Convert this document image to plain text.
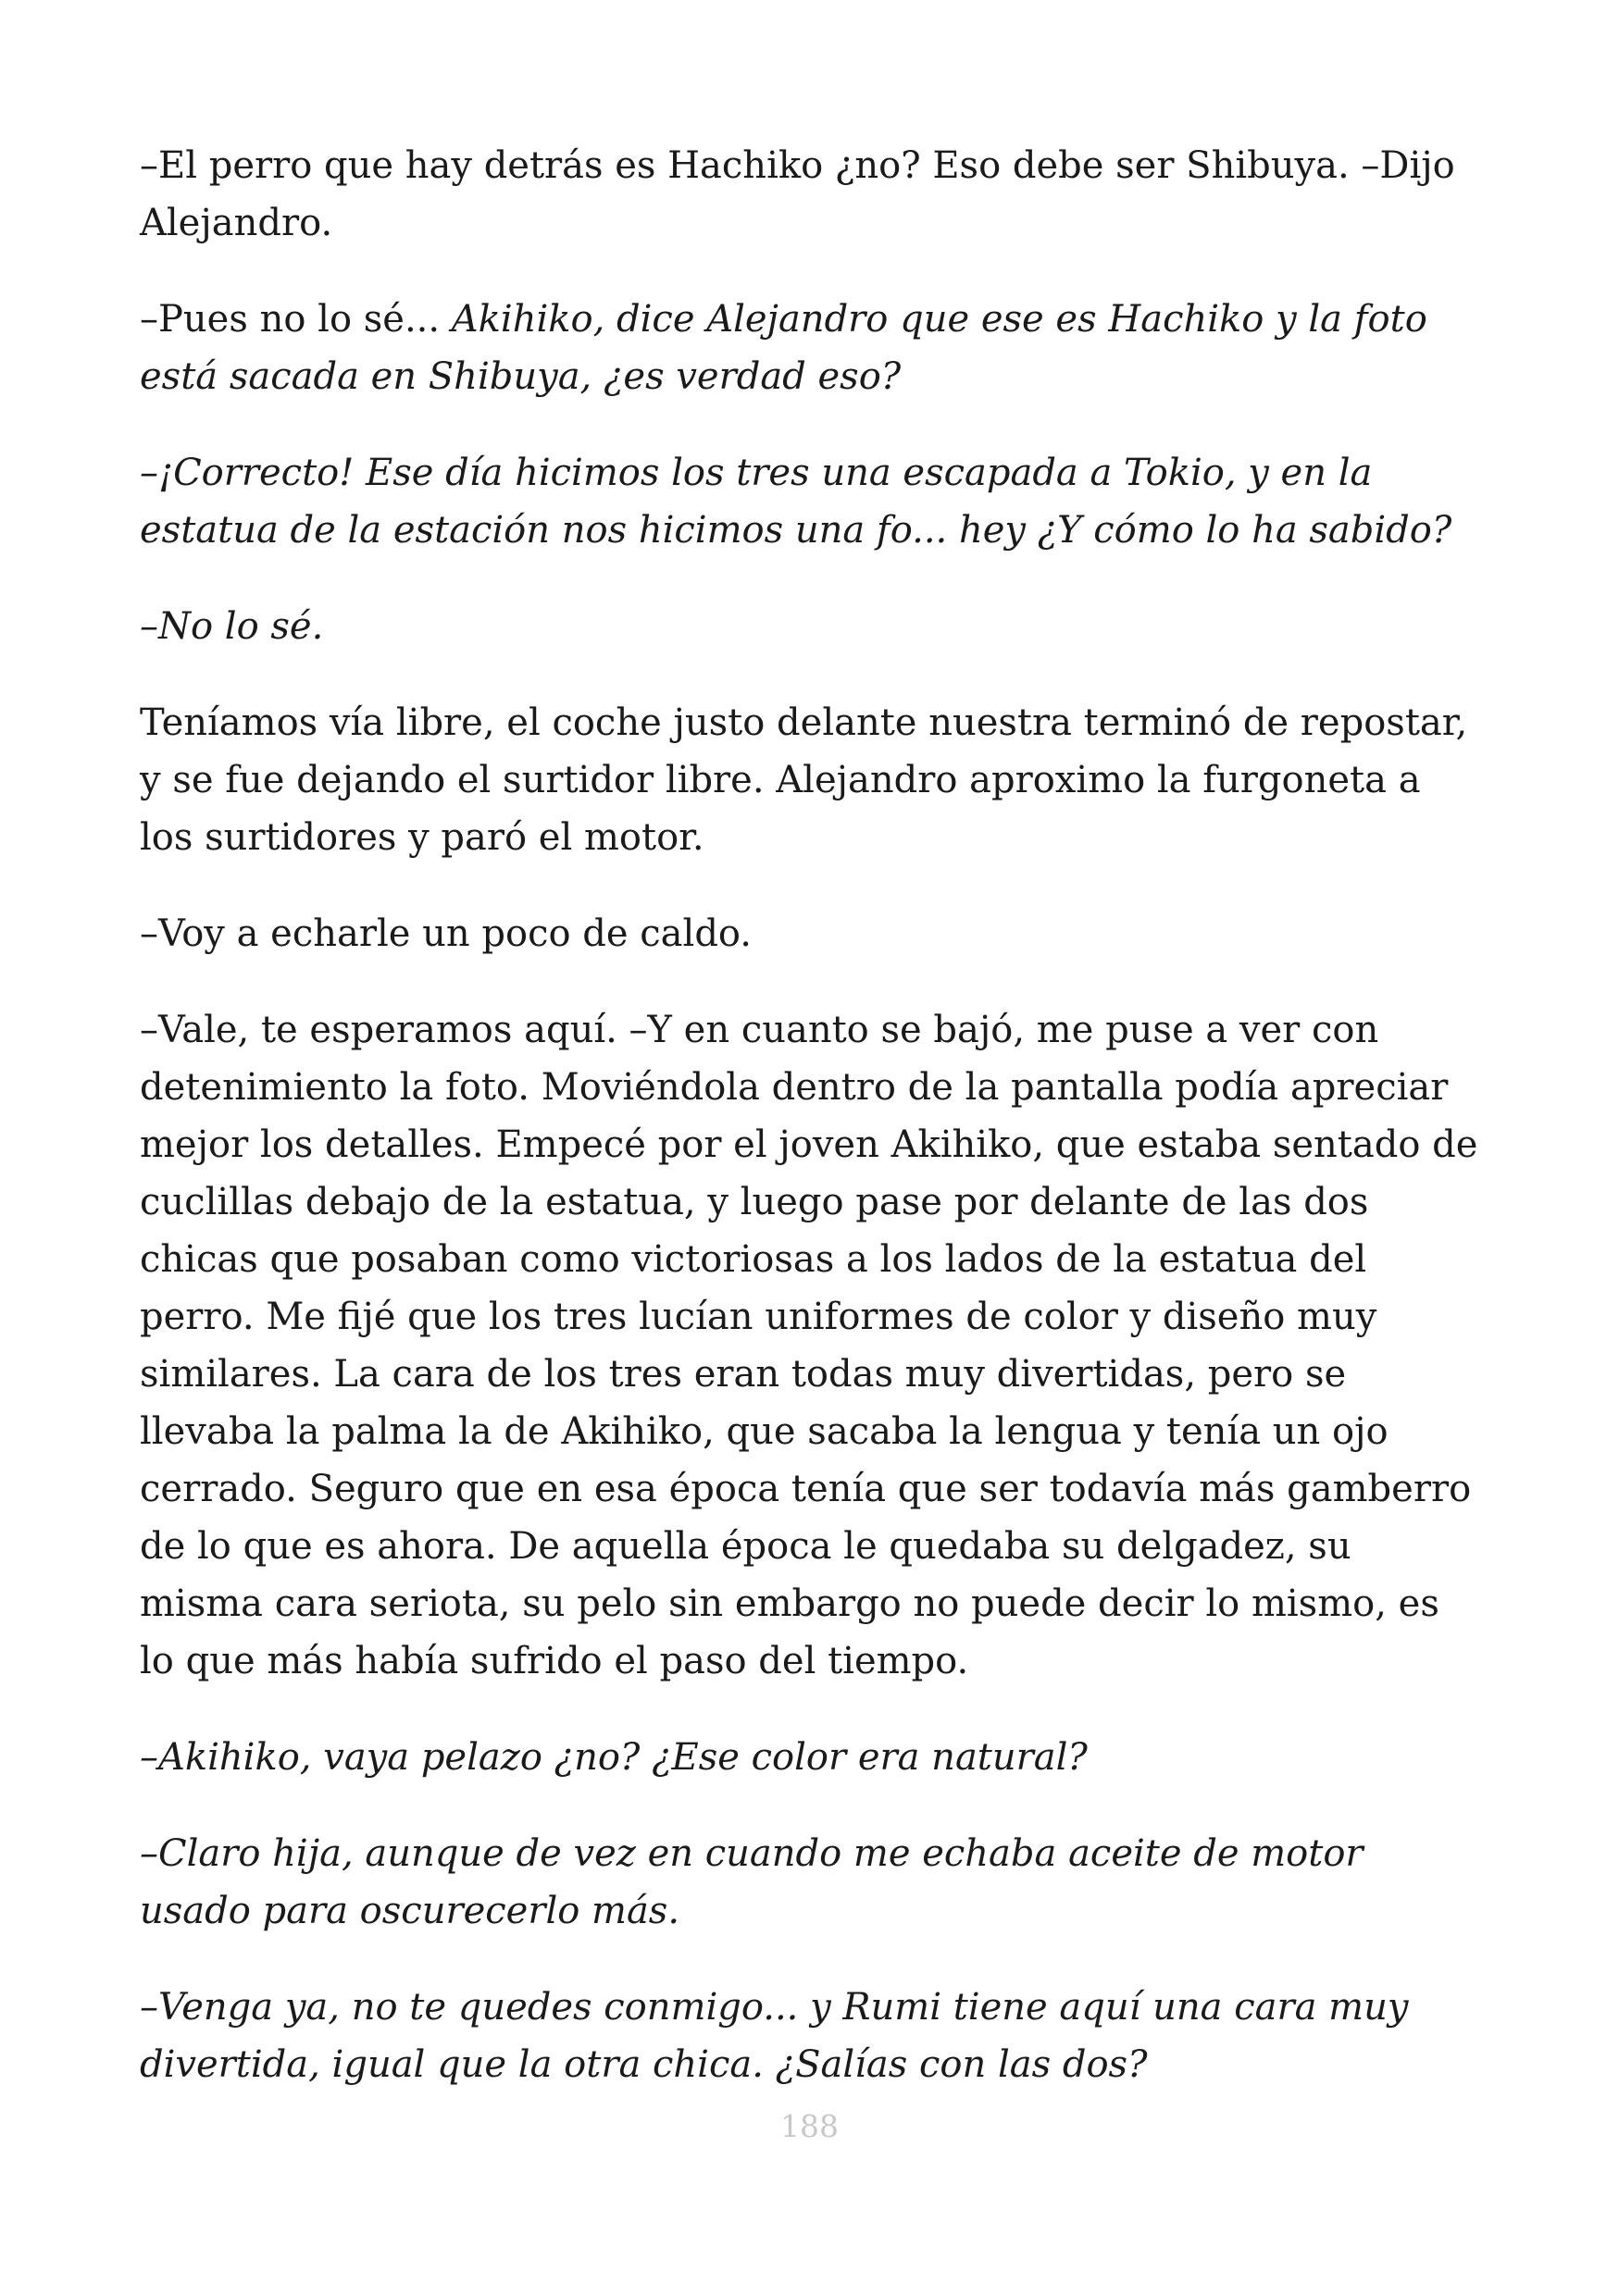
–El perro que hay detrás es Hachiko ¿no? Eso debe ser Shibuya. –Dijo Alejandro.

–Pues no lo sé... Akihiko, dice Alejandro que ese es Hachiko y la foto está sacada en Shibuya, ¿es verdad eso?

–¡Correcto! Ese día hicimos los tres una escapada a Tokio, y en la estatua de la estación nos hicimos una fo... hey ¿Y cómo lo ha sabido?

–No lo sé.

Teníamos vía libre, el coche justo delante nuestra terminó de repostar, y se fue dejando el surtidor libre. Alejandro aproximo la furgoneta a los surtidores y paró el motor.

–Voy a echarle un poco de caldo.

–Vale, te esperamos aquí. –Y en cuanto se bajó, me puse a ver con detenimiento la foto. Moviéndola dentro de la pantalla podía apreciar mejor los detalles. Empecé por el joven Akihiko, que estaba sentado de cuclillas debajo de la estatua, y luego pase por delante de las dos chicas que posaban como victoriosas a los lados de la estatua del perro. Me fijé que los tres lucían uniformes de color y diseño muy similares. La cara de los tres eran todas muy divertidas, pero se llevaba la palma la de Akihiko, que sacaba la lengua y tenía un ojo cerrado. Seguro que en esa época tenía que ser todavía más gamberro de lo que es ahora. De aquella época le quedaba su delgadez, su misma cara seriota, su pelo sin embargo no puede decir lo mismo, es lo que más había sufrido el paso del tiempo.

–Akihiko, vaya pelazo ¿no? ¿Ese color era natural?

–Claro hija, aunque de vez en cuando me echaba aceite de motor usado para oscurecerlo más.

–Venga ya, no te quedes conmigo... y Rumi tiene aquí una cara muy divertida, igual que la otra chica. ¿Salías con las dos?

188
